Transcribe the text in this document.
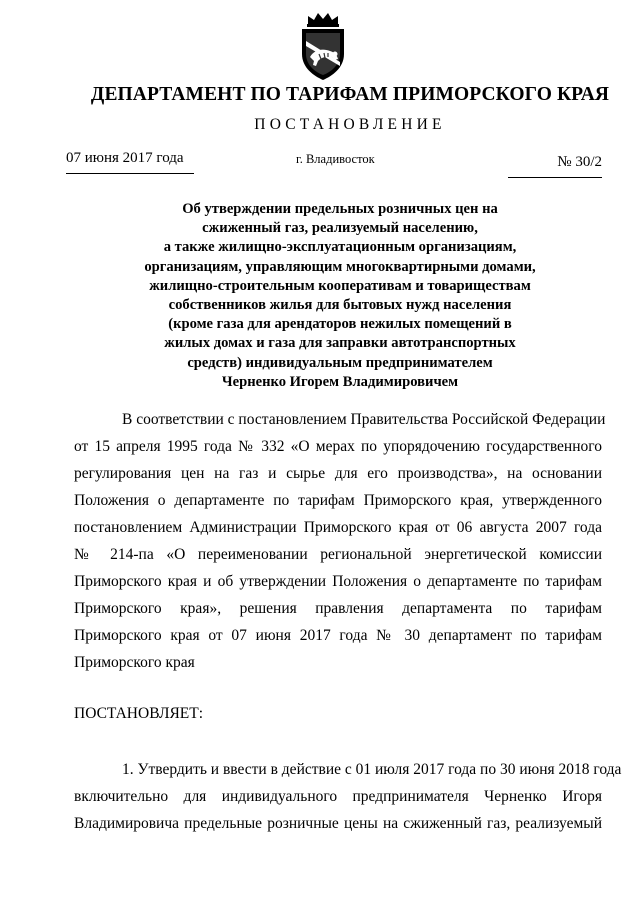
ДЕПАРТАМЕНТ ПО ТАРИФАМ ПРИМОРСКОГО КРАЯ
ПОСТАНОВЛЕНИЕ
07 июня 2017 года	г. Владивосток	№ 30/2
Об утверждении предельных розничных цен на
сжиженный газ, реализуемый населению,
а также жилищно-эксплуатационным организациям,
организациям, управляющим многоквартирными домами,
жилищно-строительным кооперативам и товариществам
собственников жилья для бытовых нужд населения
(кроме газа для арендаторов нежилых помещений в
жилых домах и газа для заправки автотранспортных
средств) индивидуальным предпринимателем
Черненко Игорем Владимировичем
В соответствии с постановлением Правительства Российской Федерации
от 15 апреля 1995 года № 332 «О мерах по упорядочению государственного
регулирования цен на газ и сырье для его производства», на основании
Положения о департаменте по тарифам Приморского края, утвержденного
постановлением Администрации Приморского края от 06 августа 2007 года
№ 214-па «О переименовании региональной энергетической комиссии
Приморского края и об утверждении Положения о департаменте по тарифам
Приморского края», решения правления департамента по тарифам
Приморского края от 07 июня 2017 года № 30 департамент по тарифам
Приморского края
ПОСТАНОВЛЯЕТ:
1. Утвердить и ввести в действие с 01 июля 2017 года по 30 июня 2018 года
включительно для индивидуального предпринимателя Черненко Игоря
Владимировича предельные розничные цены на сжиженный газ, реализуемый
